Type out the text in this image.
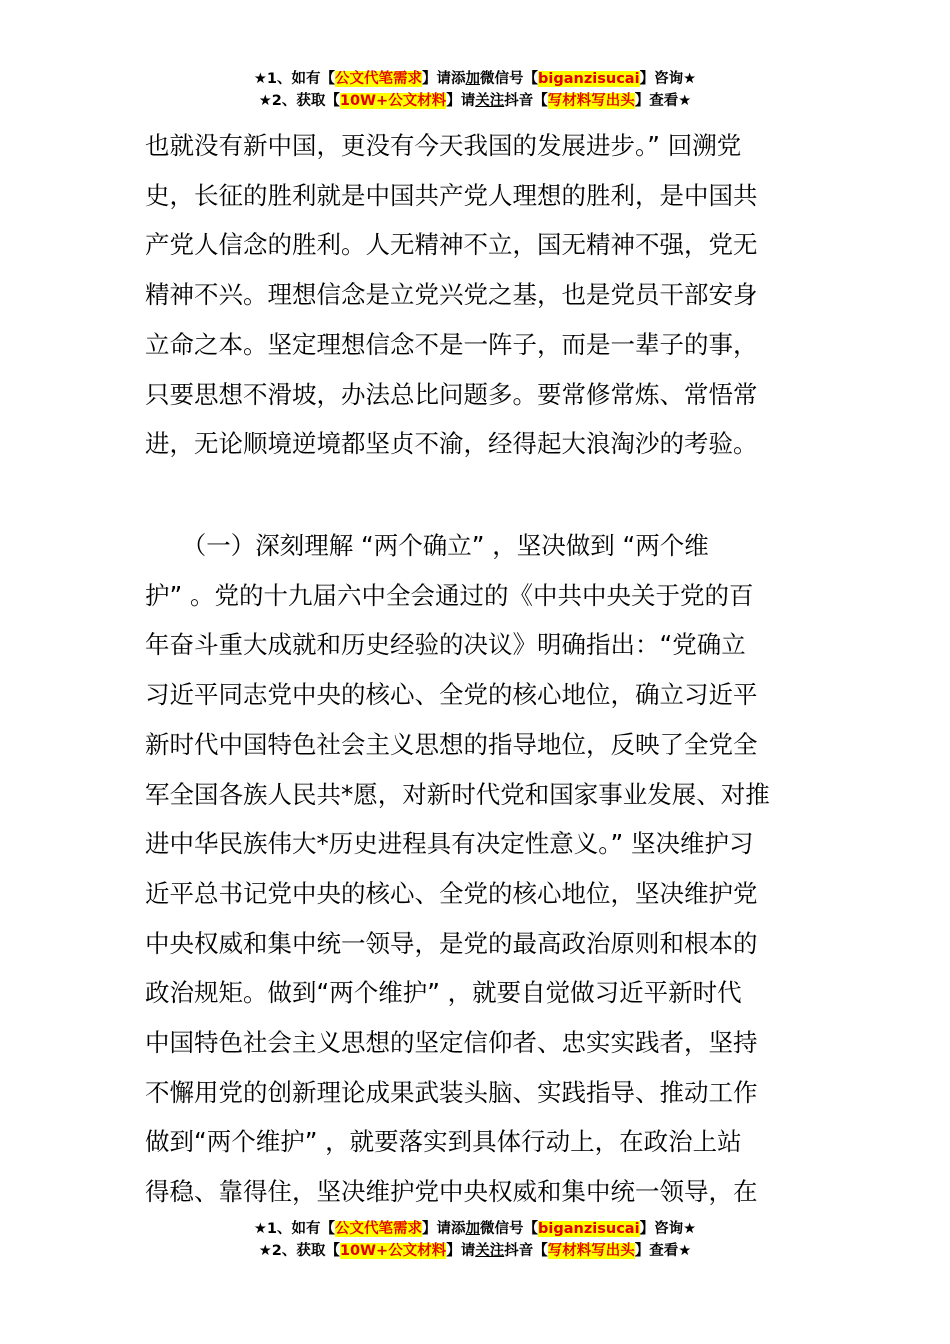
★1、如有【公文代笔需求】请添加微信号【biganzisucai】咨询★
★2、获取【10W+公文材料】请关注抖音【写材料写出头】查看★
也就没有新中国，更没有今天我国的发展进步。” 回溯党
史，长征的胜利就是中国共产党人理想的胜利，是中国共
产党人信念的胜利。人无精神不立，国无精神不强，党无
精神不兴。理想信念是立党兴党之基，也是党员干部安身
立命之本。坚定理想信念不是一阵子，而是一辈子的事，
只要思想不滑坡，办法总比问题多。要常修常炼、常悟常
进，无论顺境逆境都坚贞不渝，经得起大浪淘沙的考验。
　　（一）深刻理解 “两个确立” ，坚决做到 “两个维
护” 。党的十九届六中全会通过的《中共中央关于党的百
年奋斗重大成就和历史经验的决议》明确指出：“党确立
习近平同志党中央的核心、全党的核心地位，确立习近平
新时代中国特色社会主义思想的指导地位，反映了全党全
军全国各族人民共*愿，对新时代党和国家事业发展、对推
进中华民族伟大*历史进程具有决定性意义。” 坚决维护习
近平总书记党中央的核心、全党的核心地位，坚决维护党
中央权威和集中统一领导，是党的最高政治原则和根本的
政治规矩。做到“两个维护” ，就要自觉做习近平新时代
中国特色社会主义思想的坚定信仰者、忠实实践者，坚持
不懈用党的创新理论成果武装头脑、实践指导、推动工作
做到“两个维护” ，就要落实到具体行动上，在政治上站
得稳、靠得住，坚决维护党中央权威和集中统一领导，在
★1、如有【公文代笔需求】请添加微信号【biganzisucai】咨询★
★2、获取【10W+公文材料】请关注抖音【写材料写出头】查看★
